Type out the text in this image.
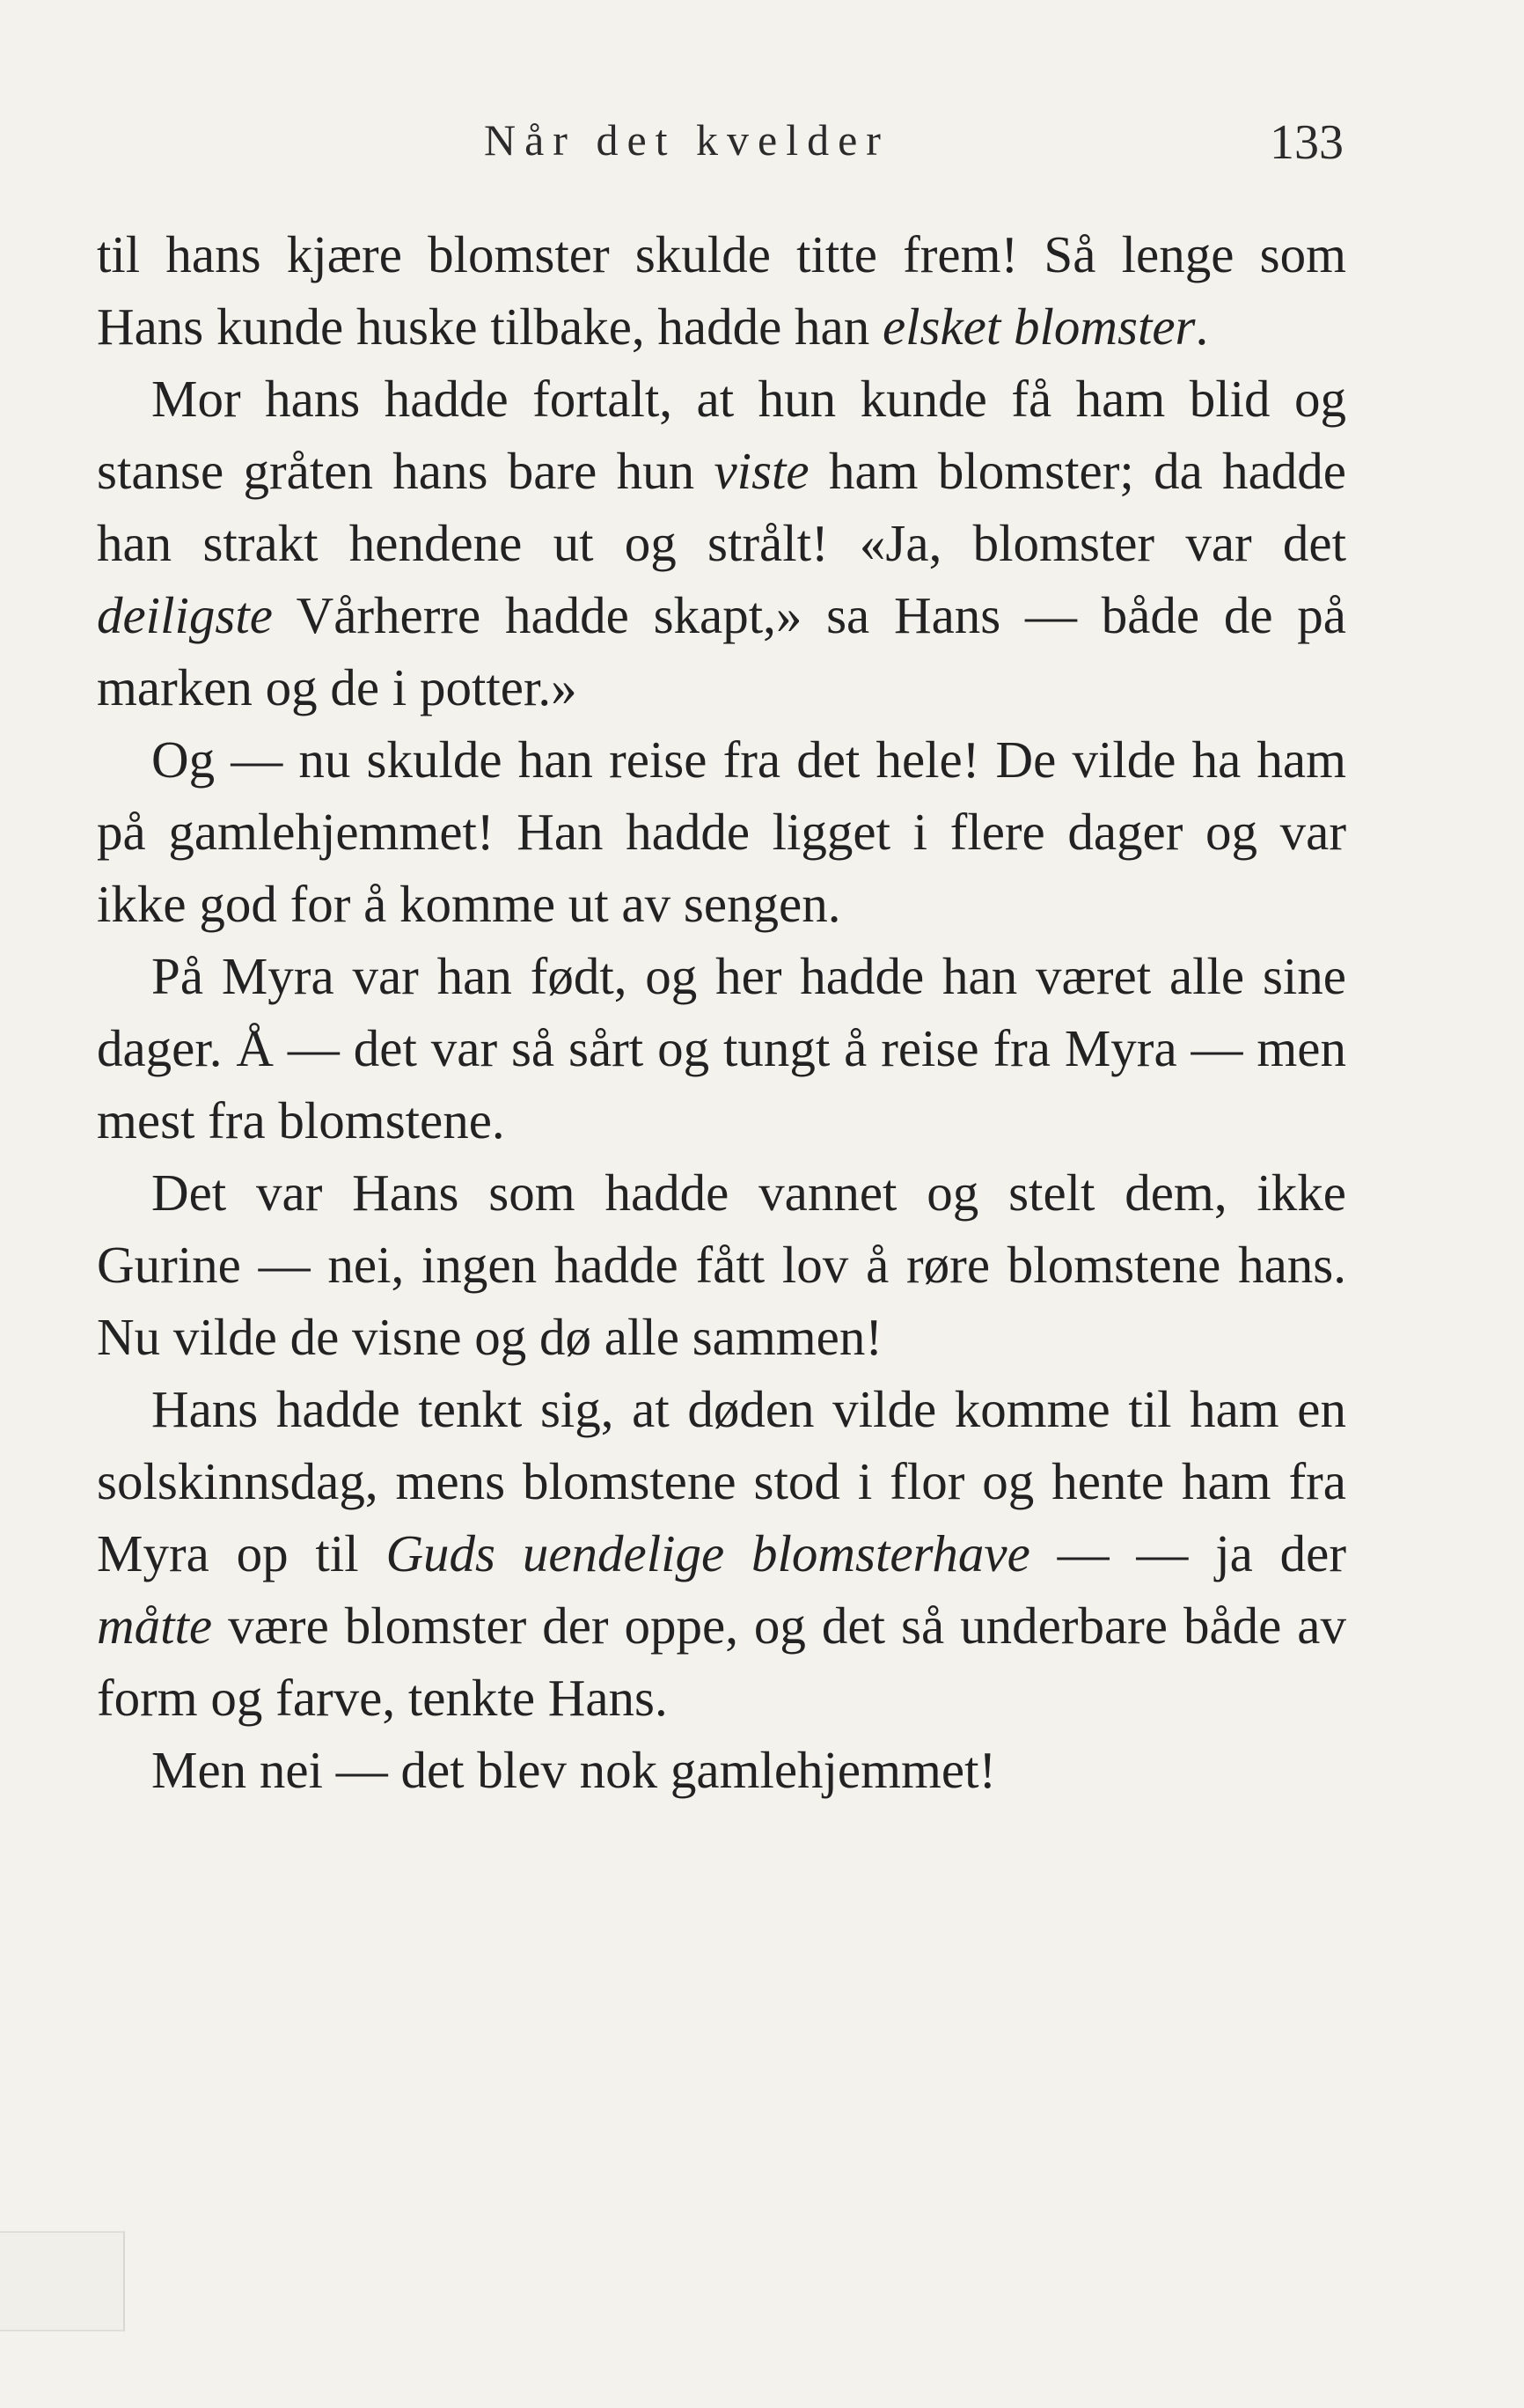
Når det kvelder	133

til hans kjære blomster skulde titte frem! Så lenge som Hans kunde huske tilbake, hadde han elsket blomster.

Mor hans hadde fortalt, at hun kunde få ham blid og stanse gråten hans bare hun viste ham blomster; da hadde han strakt hendene ut og strålt! «Ja, blomster var det deiligste Vårherre hadde skapt,» sa Hans — både de på marken og de i potter.»

Og — nu skulde han reise fra det hele! De vilde ha ham på gamlehjemmet! Han hadde ligget i flere dager og var ikke god for å komme ut av sengen.

På Myra var han født, og her hadde han været alle sine dager. Å — det var så sårt og tungt å reise fra Myra — men mest fra blomstene.

Det var Hans som hadde vannet og stelt dem, ikke Gurine — nei, ingen hadde fått lov å røre blomstene hans. Nu vilde de visne og dø alle sammen!

Hans hadde tenkt sig, at døden vilde komme til ham en solskinnsdag, mens blomstene stod i flor og hente ham fra Myra op til Guds uendelige blomsterhave — — ja der måtte være blomster der oppe, og det så underbare både av form og farve, tenkte Hans.

Men nei — det blev nok gamlehjemmet!
